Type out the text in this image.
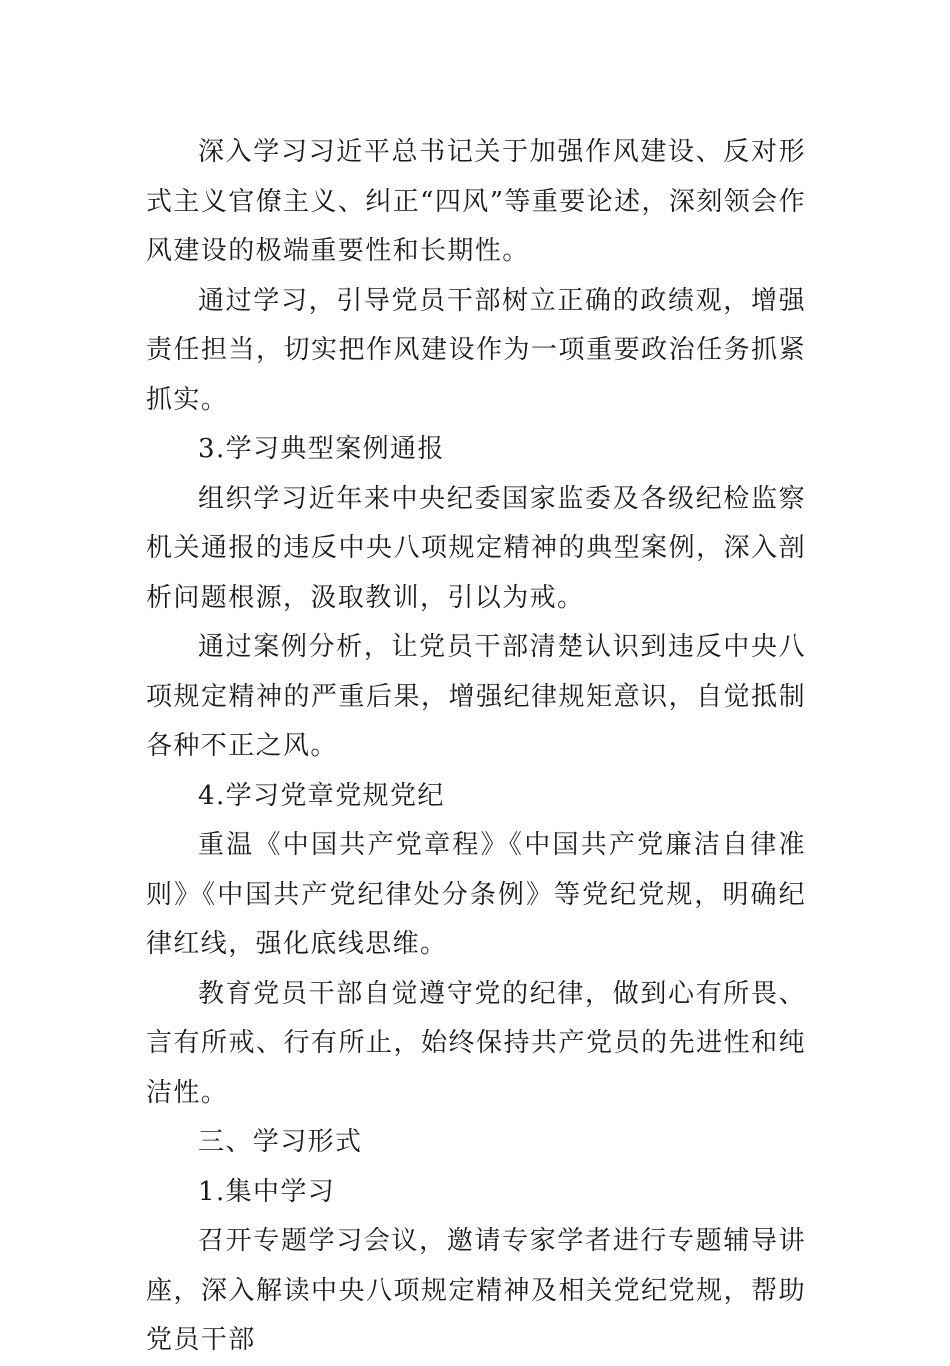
深入学习习近平总书记关于加强作风建设、反对形式主义官僚主义、纠正“四风”等重要论述，深刻领会作风建设的极端重要性和长期性。

通过学习，引导党员干部树立正确的政绩观，增强责任担当，切实把作风建设作为一项重要政治任务抓紧抓实。

3.学习典型案例通报

组织学习近年来中央纪委国家监委及各级纪检监察机关通报的违反中央八项规定精神的典型案例，深入剖析问题根源，汲取教训，引以为戒。

通过案例分析，让党员干部清楚认识到违反中央八项规定精神的严重后果，增强纪律规矩意识，自觉抵制各种不正之风。

4.学习党章党规党纪

重温《中国共产党章程》《中国共产党廉洁自律准则》《中国共产党纪律处分条例》等党纪党规，明确纪律红线，强化底线思维。

教育党员干部自觉遵守党的纪律，做到心有所畏、言有所戒、行有所止，始终保持共产党员的先进性和纯洁性。

三、学习形式

1.集中学习

召开专题学习会议，邀请专家学者进行专题辅导讲座，深入解读中央八项规定精神及相关党纪党规，帮助党员干部
